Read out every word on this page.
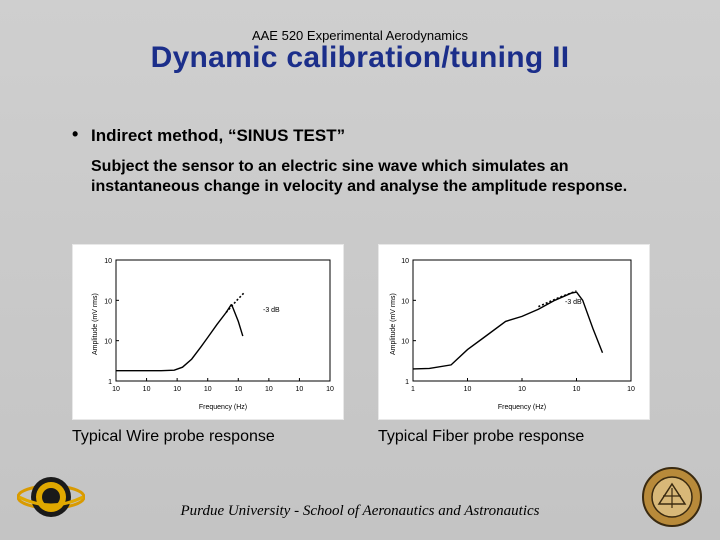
AAE 520 Experimental Aerodynamics
Dynamic calibration/tuning II
• Indirect method, “SINUS TEST”
Subject the sensor to an electric sine wave which simulates an instantaneous change in velocity and analyse the amplitude response.
10	10	10	10	10	10	10	10
10
10
10
1
Amplitude (mV rms)
Frequency (Hz)
-3 dB
1	10	10	10	10
10
10
10
1
Amplitude (mV rms)
Frequency (Hz)
-3 dB
Typical Wire probe response	Typical Fiber probe response
Purdue University - School of Aeronautics and Astronautics
